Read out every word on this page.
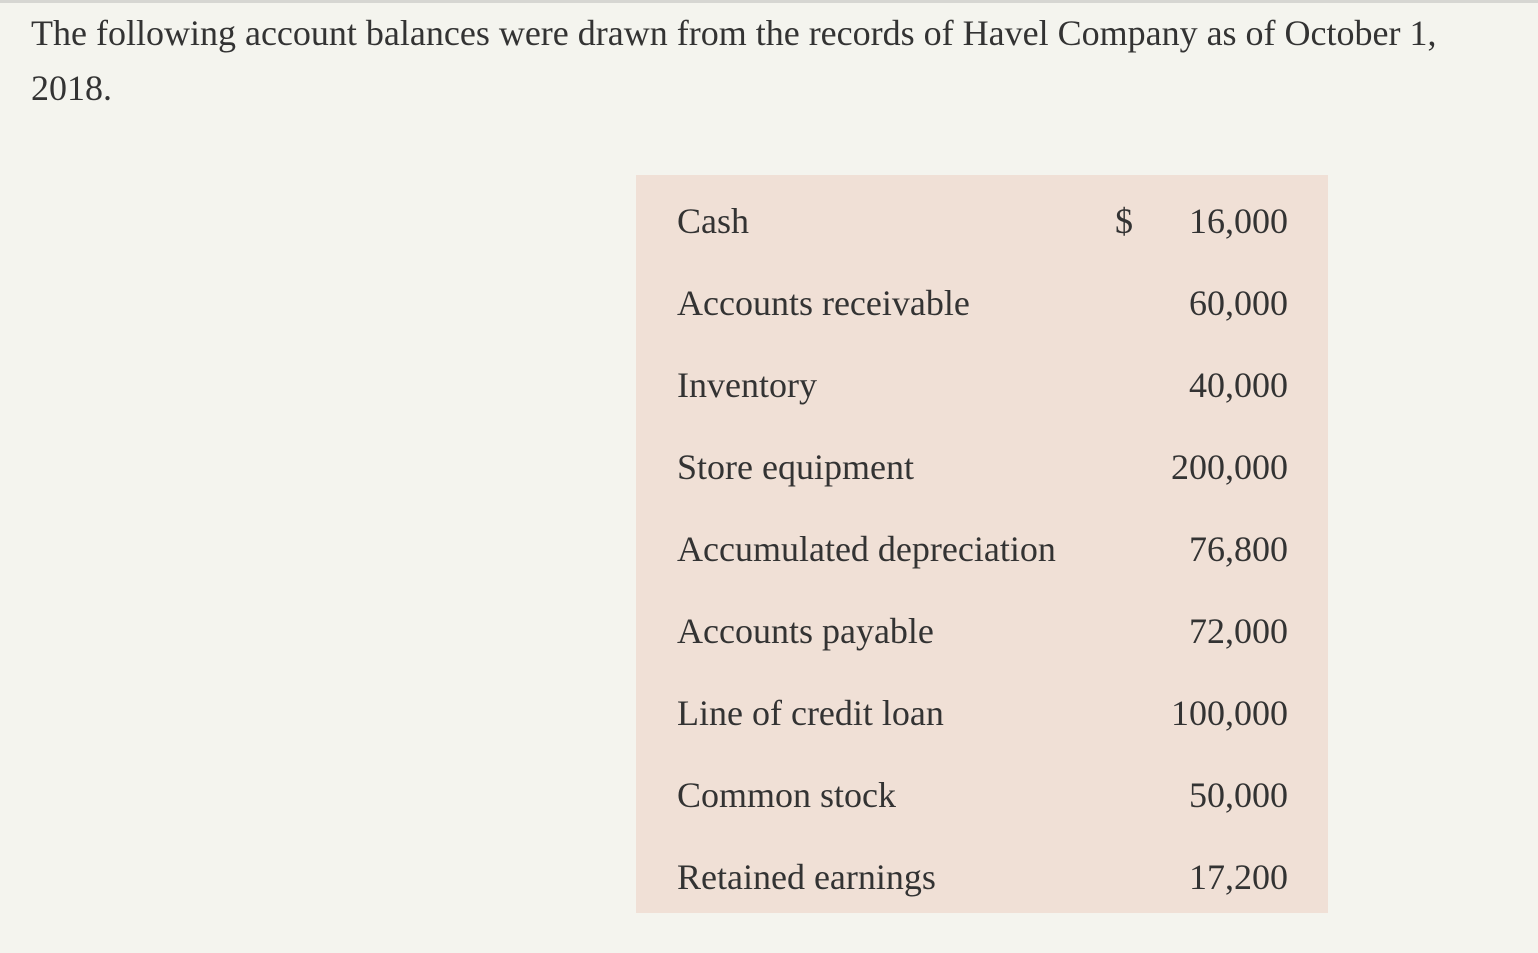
The following account balances were drawn from the records of Havel Company as of October 1, 2018.

Cash	$ 16,000
Accounts receivable	60,000
Inventory	40,000
Store equipment	200,000
Accumulated depreciation	76,800
Accounts payable	72,000
Line of credit loan	100,000
Common stock	50,000
Retained earnings	17,200
